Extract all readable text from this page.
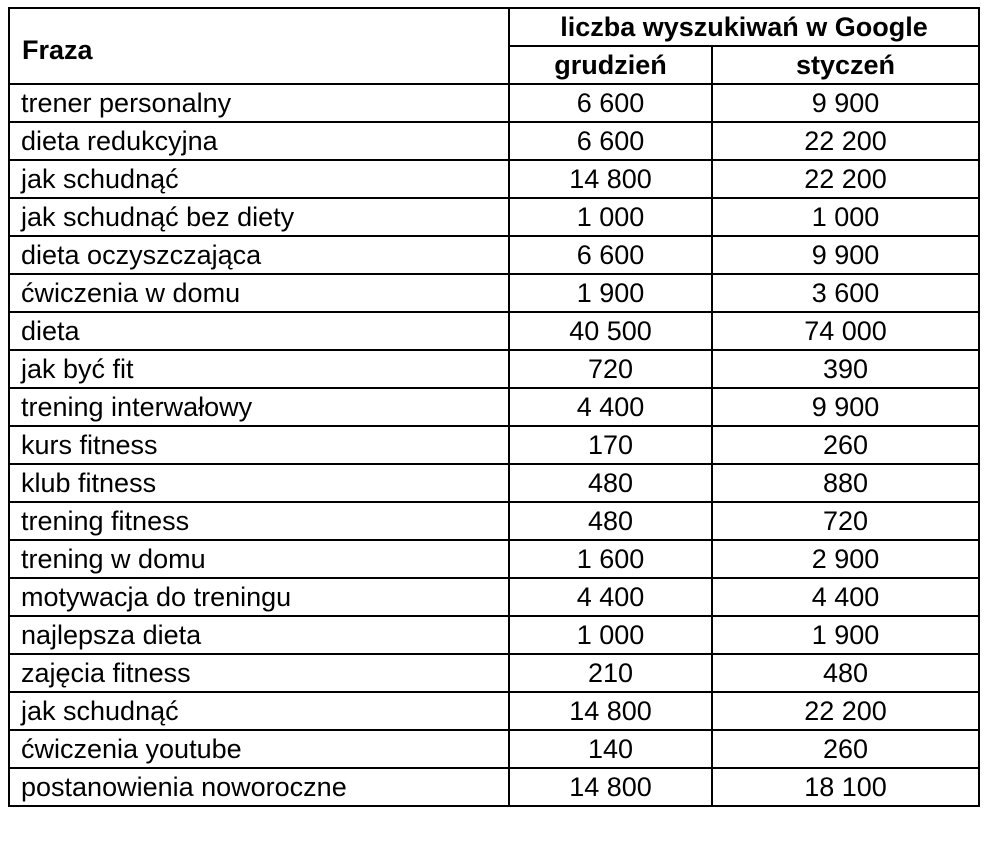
Fraza	liczba wyszukiwań w Google	
	grudzień	styczeń
trener personalny	6 600	9 900
dieta redukcyjna	6 600	22 200
jak schudnąć	14 800	22 200
jak schudnąć bez diety	1 000	1 000
dieta oczyszczająca	6 600	9 900
ćwiczenia w domu	1 900	3 600
dieta	40 500	74 000
jak być fit	720	390
trening interwałowy	4 400	9 900
kurs fitness	170	260
klub fitness	480	880
trening fitness	480	720
trening w domu	1 600	2 900
motywacja do treningu	4 400	4 400
najlepsza dieta	1 000	1 900
zajęcia fitness	210	480
jak schudnąć	14 800	22 200
ćwiczenia youtube	140	260
postanowienia noworoczne	14 800	18 100
